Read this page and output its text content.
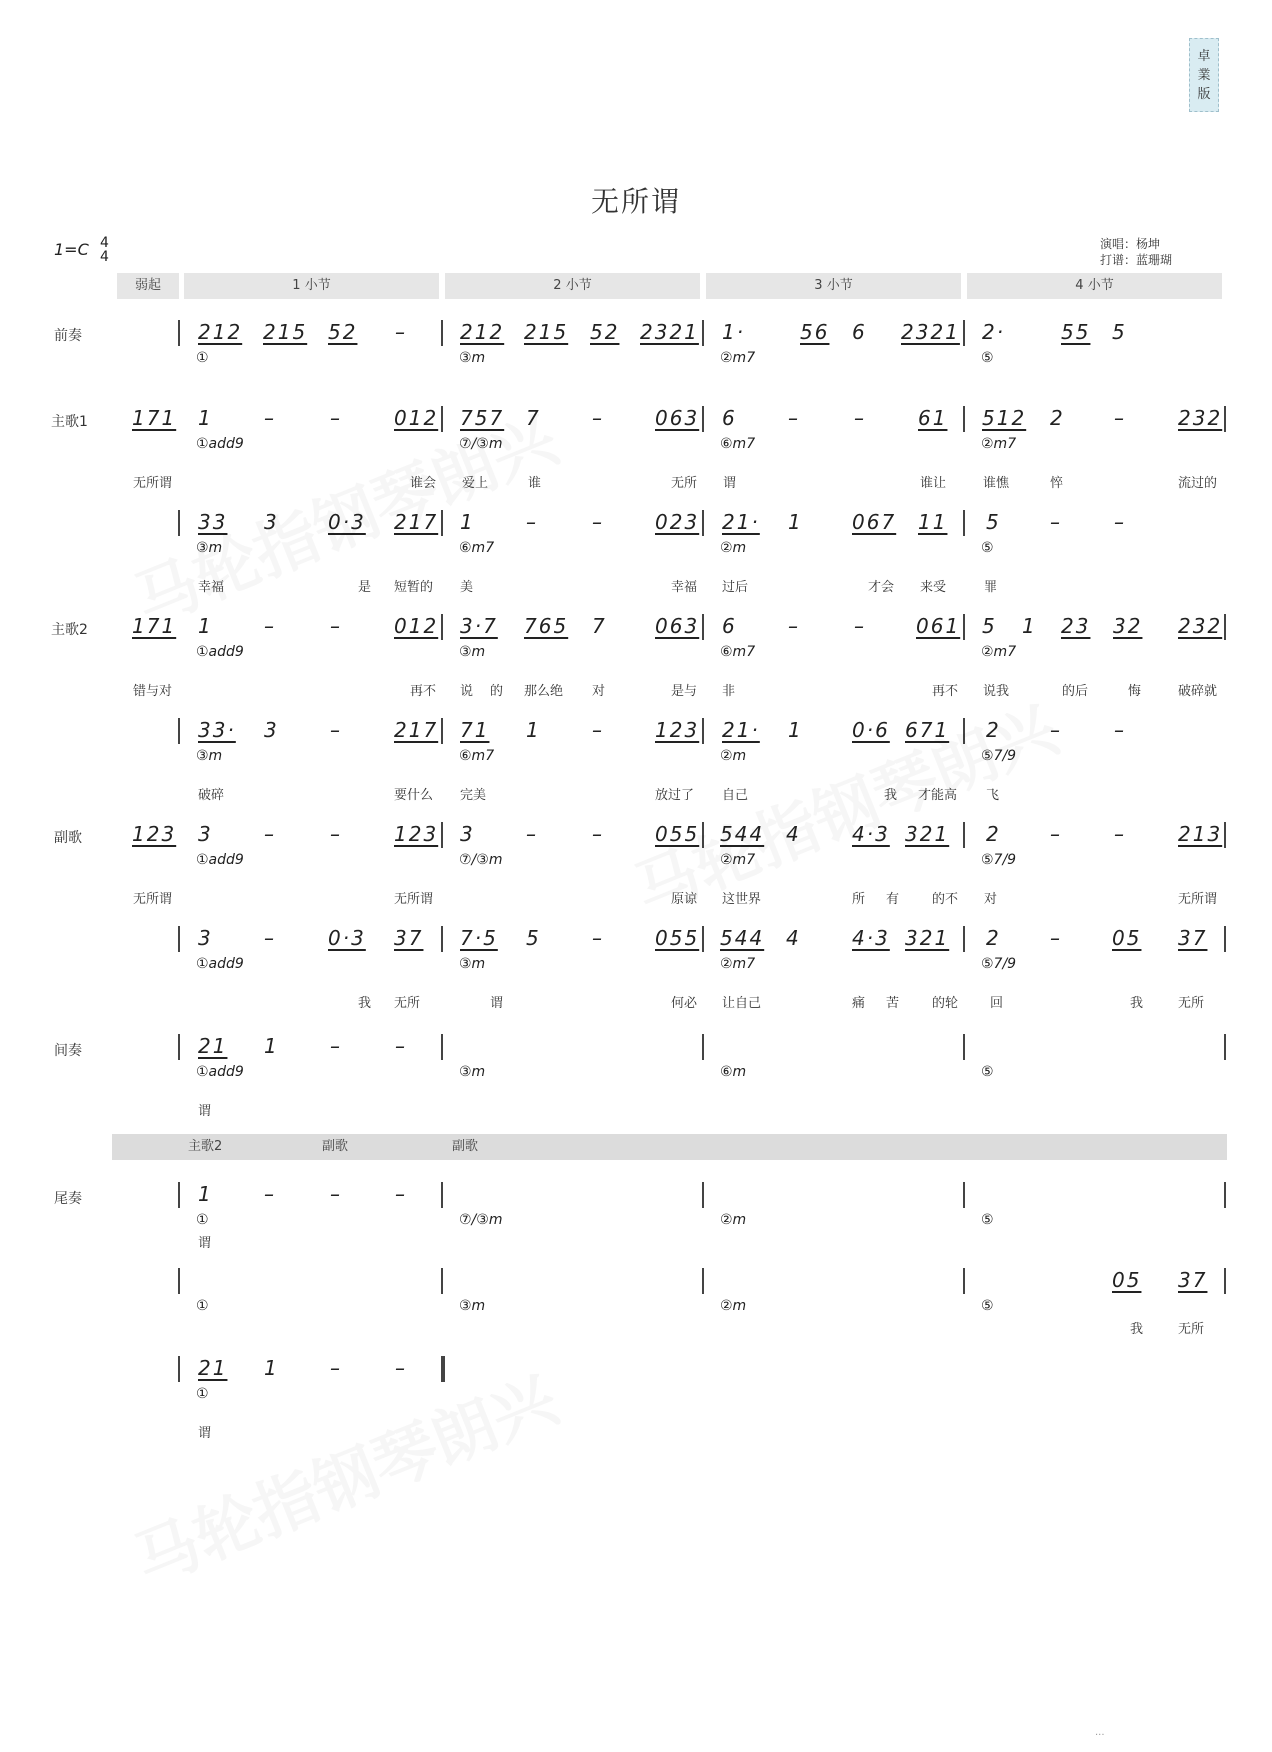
卓 業 版
无所谓
1=C 4
4
演唱：杨坤
打谱：蓝珊瑚
弱起	1 小节	2 小节	3 小节	4 小节
前奏
主歌1
主歌2
副歌
间奏
尾奏
主歌2	副歌	副歌
212 215 52 –	212 215 52 2321 1·	56 6 2321 2·	55 5
①	③m	②m7	⑤
171 1	–	–	012 757 7	–	063 6	–	–	61 512 2 –	232
①add9	⑦/③m	⑥m7	②m7
无所谓	谁会 爱上	谁	无所 谓	谁让	谁憔	悴	流过的
33 3 0·3 217 1	–	–	023 21· 1 067 11 5 –	–
③m	⑥m7	②m	⑤
幸福	是 短暂的 美	幸福 过后	才会 来受	罪
171 1	–	–	012 3·7 765 7 063 6	–	–	061 5 1 23 32 232
①add9	③m	⑥m7	②m7
错与对	再不 说 的 那么绝 对	是与 非	再不 说我	的后	悔	破碎就
33· 3	–	217 71 1	–	123 21· 1 0·6 671 2 –	–
③m	⑥m7	②m	⑤7/9
破碎	要什么 完美	放过了 自己	我 才能高 飞
123 3	–	–	123 3	–	–	055 544 4	4·3 321 2 –	–	213
①add9	⑦/③m	②m7	⑤7/9
无所谓	无所谓	原谅 这世界	所 有	的不 对	无所谓
3	–	0·3 37 7·5 5	–	055 544 4	4·3 321 2 –	05 37
①add9	③m	②m7	⑤7/9
我 无所	谓	何必 让自己	痛 苦	的轮 回	我	无所
21 1	–	–
①add9	③m	⑥m	⑤
谓
1	–	–	–
①	⑦/③m	②m	⑤
谓
05 37
①	③m	②m	⑤
我	无所
21 1	–	–
①
谓
···
